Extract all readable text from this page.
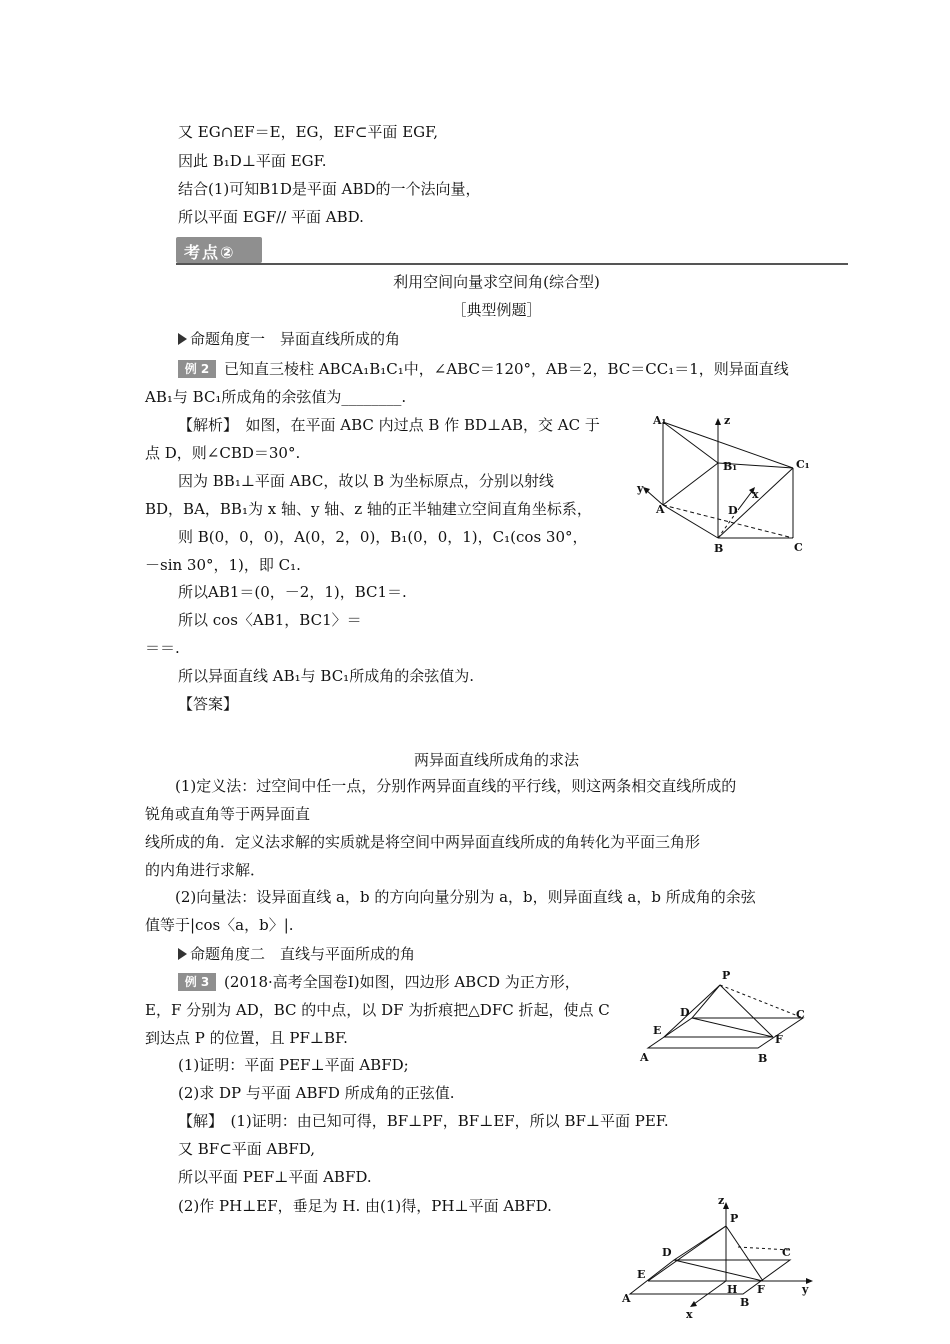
又 EG∩EF＝E，EG，EF⊂平面 EGF,
因此 B₁D⊥平面 EGF.
结合(1)可知B1D是平面 ABD的一个法向量，
所以平面 EGF// 平面 ABD.
考点②
利用空间向量求空间角(综合型)
［典型例题］
命题角度一　异面直线所成的角
例 2 已知直三棱柱 ABCA₁B₁C₁中，∠ABC＝120°，AB＝2，BC＝CC₁＝1，则异面直线
AB₁与 BC₁所成角的余弦值为________.
【解析】　如图，在平面 ABC 内过点 B 作 BD⊥AB，交 AC 于
点 D，则∠CBD＝30°.
因为 BB₁⊥平面 ABC，故以 B 为坐标原点，分别以射线
BD，BA，BB₁为 x 轴、y 轴、z 轴的正半轴建立空间直角坐标系，
则 B(0，0，0)，A(0，2，0)，B₁(0，0，1)，C₁(cos 30°，
－sin 30°，1)，即 C₁.
所以AB1＝(0，－2，1)，BC1＝.
所以 cos〈AB1，BC1〉＝
＝＝.
所以异面直线 AB₁与 BC₁所成角的余弦值为.
【答案】
A₁
B₁	C₁
A
B	C
D
x
y
z
两异面直线所成角的求法
(1)定义法：过空间中任一点，分别作两异面直线的平行线，则这两条相交直线所成的
锐角或直角等于两异面直
线所成的角．定义法求解的实质就是将空间中两异面直线所成的角转化为平面三角形
的内角进行求解．
(2)向量法：设异面直线 a，b 的方向向量分别为 a，b，则异面直线 a，b 所成角的余弦
值等于|cos〈a，b〉|.
命题角度二　直线与平面所成的角
例 3 (2018·高考全国卷Ⅰ)如图，四边形 ABCD 为正方形，
E，F 分别为 AD，BC 的中点，以 DF 为折痕把△DFC 折起，使点 C
到达点 P 的位置，且 PF⊥BF.
(1)证明：平面 PEF⊥平面 ABFD;
(2)求 DP 与平面 ABFD 所成角的正弦值.
【解】　(1)证明：由已知可得，BF⊥PF，BF⊥EF，所以 BF⊥平面 PEF.
又 BF⊂平面 ABFD,
所以平面 PEF⊥平面 ABFD.
(2)作 PH⊥EF，垂足为 H. 由(1)得，PH⊥平面 ABFD.
P
D	C
E
F
A	B
P
D	C
E
H F
A	B
x
y
z
